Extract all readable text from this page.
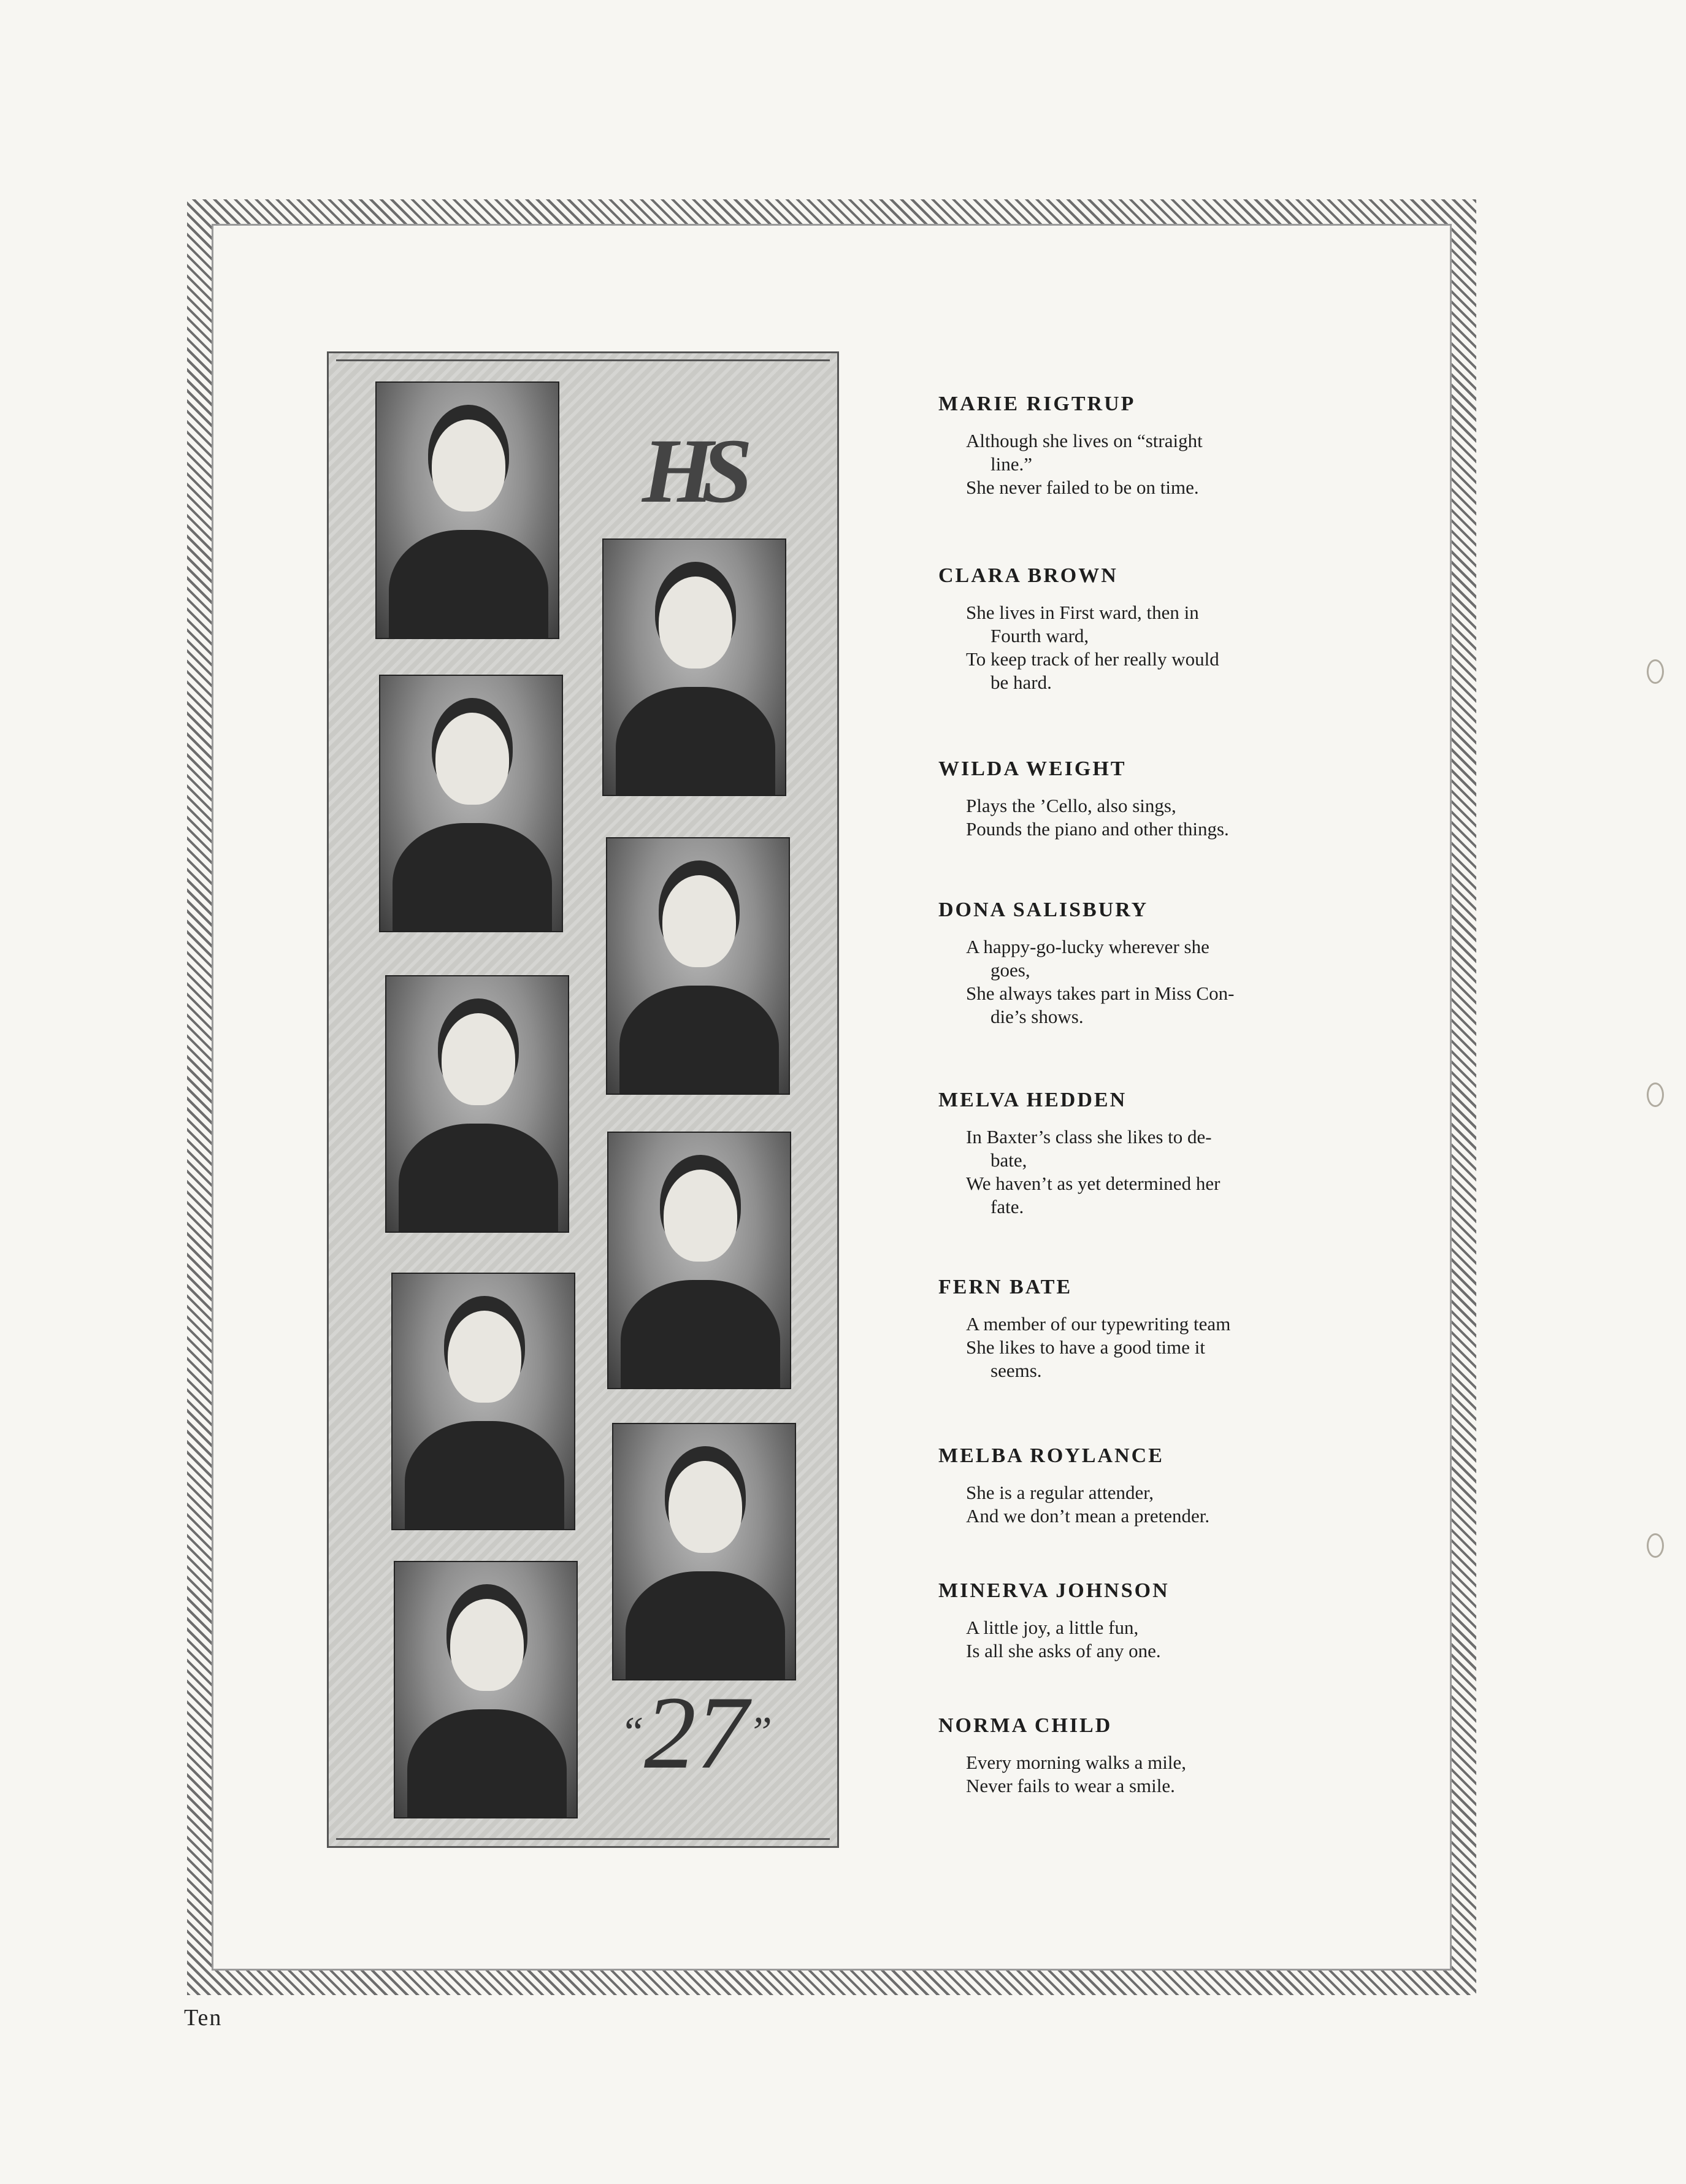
HS
“27”
MARIE RIGTRUP
Although she lives on “straight
line.”
She never failed to be on time.
CLARA BROWN
She lives in First ward, then in
Fourth ward,
To keep track of her really would
be hard.
WILDA WEIGHT
Plays the ’Cello, also sings,
Pounds the piano and other things.
DONA SALISBURY
A happy-go-lucky wherever she
goes,
She always takes part in Miss Con-
die’s shows.
MELVA HEDDEN
In Baxter’s class she likes to de-
bate,
We haven’t as yet determined her
fate.
FERN BATE
A member of our typewriting team
She likes to have a good time it
seems.
MELBA ROYLANCE
She is a regular attender,
And we don’t mean a pretender.
MINERVA JOHNSON
A little joy, a little fun,
Is all she asks of any one.
NORMA CHILD
Every morning walks a mile,
Never fails to wear a smile.
Ten
